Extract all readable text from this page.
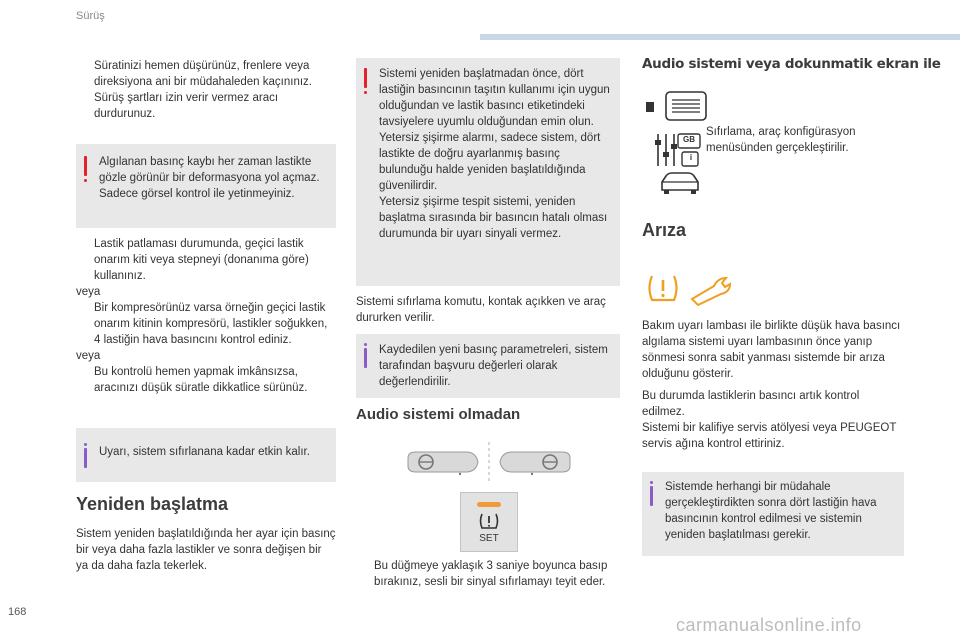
Sürüş
168
carmanualsonline.info

Süratinizi hemen düşürünüz, frenlere veya direksiyona ani bir müdahaleden kaçınınız.

Sürüş şartları izin verir vermez aracı durdurunuz.

Algılanan basınç kaybı her zaman lastikte gözle görünür bir deformasyona yol açmaz. Sadece görsel kontrol ile yetinmeyiniz.

Lastik patlaması durumunda, geçici lastik onarım kiti veya stepneyi (donanıma göre) kullanınız.

veya

Bir kompresörünüz varsa örneğin geçici lastik onarım kitinin kompresörü, lastikler soğukken, 4 lastiğin hava basıncını kontrol ediniz.

veya

Bu kontrolü hemen yapmak imkânsızsa, aracınızı düşük süratle dikkatlice sürünüz.

Uyarı, sistem sıfırlanana kadar etkin kalır.
Yeniden başlatma
Sistem yeniden başlatıldığında her ayar için basınç bir veya daha fazla lastikler ve sonra değişen bir ya da daha fazla tekerlek.

Sistemi yeniden başlatmadan önce, dört lastiğin basıncının taşıtın kullanımı için uygun olduğundan ve lastik basıncı etiketindeki tavsiyelere uyumlu olduğundan emin olun.

Yetersiz şişirme alarmı, sadece sistem, dört lastikte de doğru ayarlanmış basınç bulunduğu halde yeniden başlatıldığında güvenilirdir.

Yetersiz şişirme tespit sistemi, yeniden başlatma sırasında bir basıncın hatalı olması durumunda bir uyarı sinyali vermez.

Sistemi sıfırlama komutu, kontak açıkken ve araç dururken verilir.
Kaydedilen yeni basınç parametreleri, sistem tarafından başvuru değerleri olarak değerlendirilir.
Audio sistemi olmadan
SET

Bu düğmeye yaklaşık 3 saniye boyunca basıp bırakınız, sesli bir sinyal sıfırlamayı teyit eder.

Audio sistemi veya dokunmatik ekran ile
GB
i
Sıfırlama, araç konfigürasyon menüsünden gerçekleştirilir.
Arıza
Bakım uyarı lambası ile birlikte düşük hava basıncı algılama sistemi uyarı lambasının önce yanıp sönmesi sonra sabit yanması sistemde bir arıza olduğunu gösterir.

Bu durumda lastiklerin basıncı artık kontrol edilmez.

Sistemi bir kalifiye servis atölyesi veya PEUGEOT servis ağına kontrol ettiriniz.

Sistemde herhangi bir müdahale gerçekleştirdikten sonra dört lastiğin hava basıncının kontrol edilmesi ve sistemin yeniden başlatılması gerekir.
